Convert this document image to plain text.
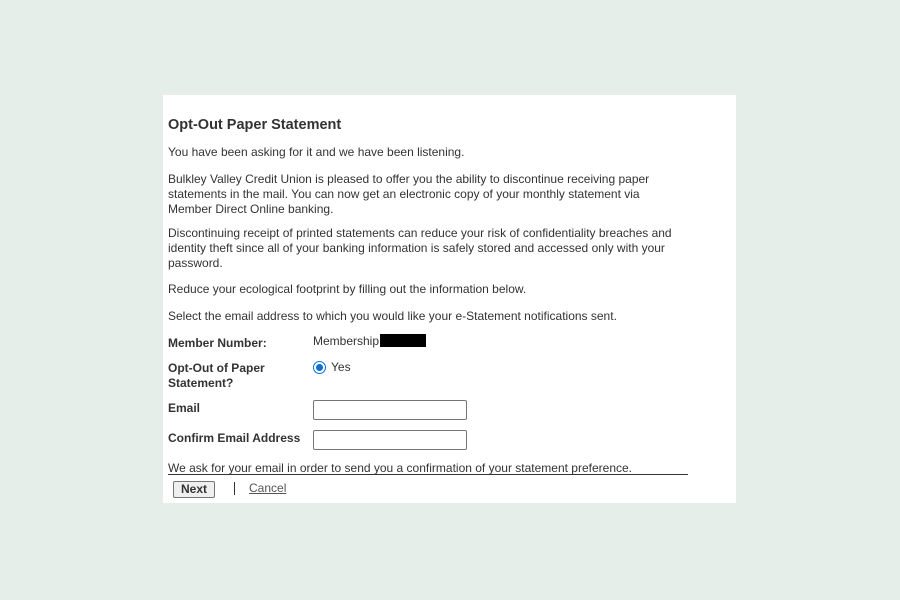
Opt-Out Paper Statement

You have been asking for it and we have been listening.

Bulkley Valley Credit Union is pleased to offer you the ability to discontinue receiving paper statements in the mail. You can now get an electronic copy of your monthly statement via Member Direct Online banking.

Discontinuing receipt of printed statements can reduce your risk of confidentiality breaches and identity theft since all of your banking information is safely stored and accessed only with your password.

Reduce your ecological footprint by filling out the information below.

Select the email address to which you would like your e-Statement notifications sent.

Member Number:	Membership
Opt-Out of Paper Statement?
Yes
Email
Confirm Email Address

We ask for your email in order to send you a confirmation of your statement preference.

Next	Cancel
